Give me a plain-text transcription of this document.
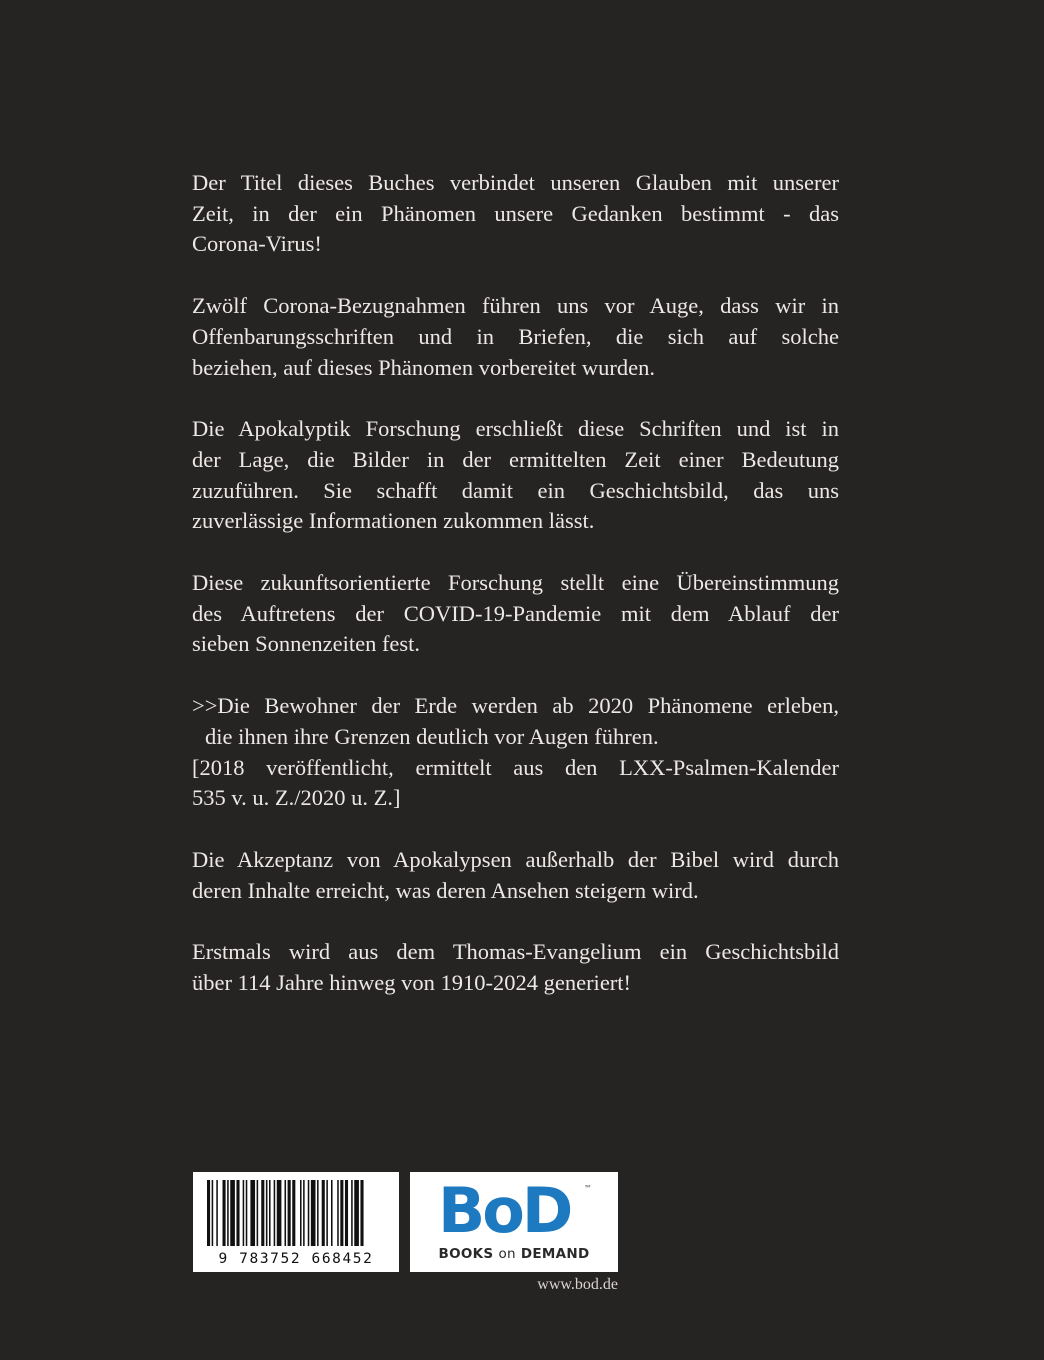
Der Titel dieses Buches verbindet unseren Glauben mit unserer
Zeit, in der ein Phänomen unsere Gedanken bestimmt - das
Corona-Virus!

Zwölf Corona-Bezugnahmen führen uns vor Auge, dass wir in
Offenbarungsschriften und in Briefen, die sich auf solche
beziehen, auf dieses Phänomen vorbereitet wurden.

Die Apokalyptik Forschung erschließt diese Schriften und ist in
der Lage, die Bilder in der ermittelten Zeit einer Bedeutung
zuzuführen. Sie schafft damit ein Geschichtsbild, das uns
zuverlässige Informationen zukommen lässt.

Diese zukunftsorientierte Forschung stellt eine Übereinstimmung
des Auftretens der COVID-19-Pandemie mit dem Ablauf der
sieben Sonnenzeiten fest.

>>Die Bewohner der Erde werden ab 2020 Phänomene erleben,
die ihnen ihre Grenzen deutlich vor Augen führen.
[2018 veröffentlicht, ermittelt aus den LXX-Psalmen-Kalender
535 v. u. Z./2020 u. Z.]

Die Akzeptanz von Apokalypsen außerhalb der Bibel wird durch
deren Inhalte erreicht, was deren Ansehen steigern wird.

Erstmals wird aus dem Thomas-Evangelium ein Geschichtsbild
über 114 Jahre hinweg von 1910-2024 generiert!

9 783752 668452
BoD ™
BOOKS on DEMAND
www.bod.de
